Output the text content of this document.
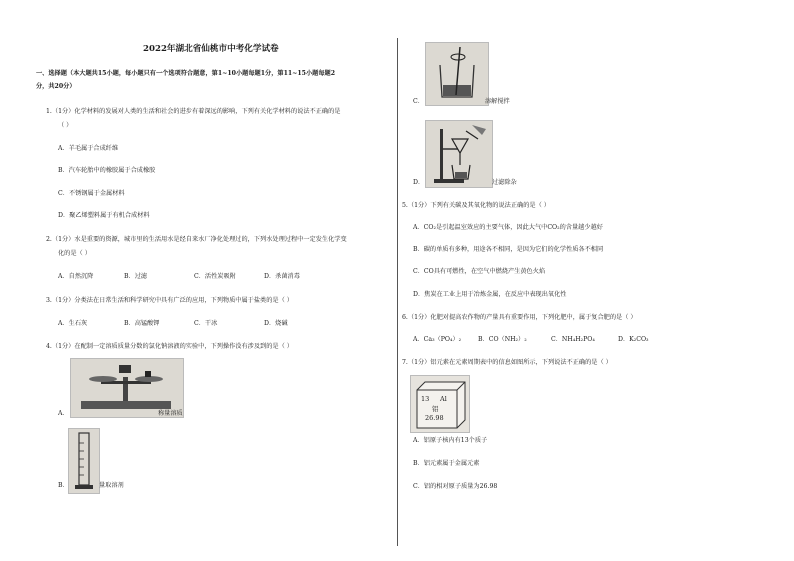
2022年湖北省仙桃市中考化学试卷
一、选择题（本大题共15小题，每小题只有一个选项符合题意，第1~10小题每题1分，第11~15小题每题2
分，共20分）
1.（1分）化学材料的发展对人类的生活和社会的进步有着深远的影响，下列有关化学材料的说法不正确的是
（ ）
A．羊毛属于合成纤维
B．汽车轮胎中的橡胶属于合成橡胶
C．不锈钢属于金属材料
D．聚乙烯塑料属于有机合成材料
2.（1分）水是重要的资源，城市里的生活用水是经自来水厂净化处理过的，下列水处理过程中一定发生化学变
化的是（ ）
A．自然沉降	B．过滤	C．活性炭吸附	D．杀菌消毒
3.（1分）分类法在日常生活和科学研究中具有广泛的应用，下列物质中属于盐类的是（ ）
A．生石灰	B．高锰酸钾	C．干冰	D．烧碱
4.（1分）在配制一定溶质质量分数的氯化钠溶液的实验中，下列操作没有涉及到的是（ ）
A．	称量溶质
B．	量取溶剂
C．	溶解搅拌
D．	过滤除杂
5.（1分）下列有关碳及其氧化物的说法正确的是（ ）
A．CO₂是引起温室效应的主要气体，因此大气中CO₂的含量越少越好
B．碳的单质有多种，用途各不相同，是因为它们的化学性质各不相同
C．CO具有可燃性，在空气中燃烧产生黄色火焰
D．焦炭在工业上用于冶炼金属，在反应中表现出氧化性
6.（1分）化肥对提高农作物的产量具有重要作用，下列化肥中，属于复合肥的是（ ）
A．Ca₃（PO₄）₂	B．CO（NH₂）₂	C．NH₄H₂PO₄	D．K₂CO₃
7.（1分）铝元素在元素周期表中的信息如图所示，下列说法不正确的是（ ）
13 Al
铝
26.98
A．铝原子核内有13个质子
B．铝元素属于金属元素
C．铝的相对原子质量为26.98
